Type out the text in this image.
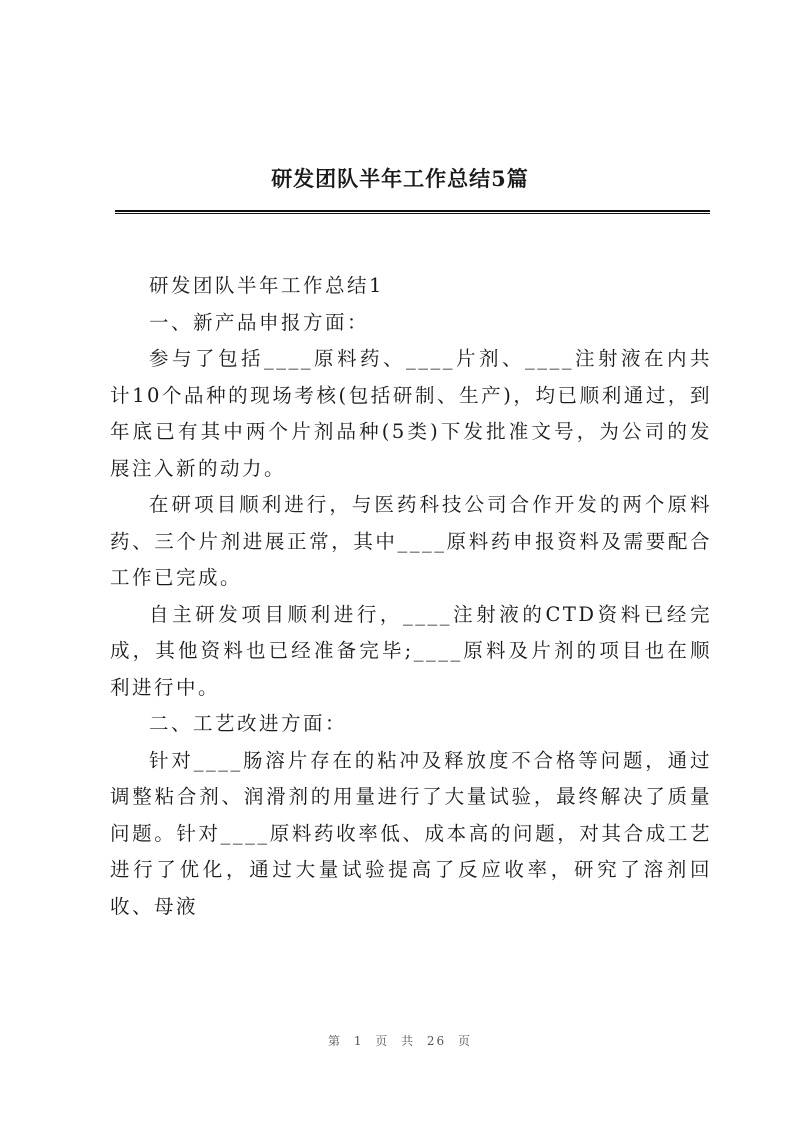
研发团队半年工作总结5篇

研发团队半年工作总结1

一、新产品申报方面：

参与了包括____原料药、____片剂、____注射液在内共计10个品种的现场考核(包括研制、生产)，均已顺利通过，到年底已有其中两个片剂品种(5类)下发批准文号，为公司的发展注入新的动力。

在研项目顺利进行，与医药科技公司合作开发的两个原料药、三个片剂进展正常，其中____原料药申报资料及需要配合工作已完成。

自主研发项目顺利进行，____注射液的CTD资料已经完成，其他资料也已经准备完毕;____原料及片剂的项目也在顺利进行中。

二、工艺改进方面：

针对____肠溶片存在的粘冲及释放度不合格等问题，通过调整粘合剂、润滑剂的用量进行了大量试验，最终解决了质量问题。针对____原料药收率低、成本高的问题，对其合成工艺进行了优化，通过大量试验提高了反应收率，研究了溶剂回收、母液

第 1 页 共 26 页
